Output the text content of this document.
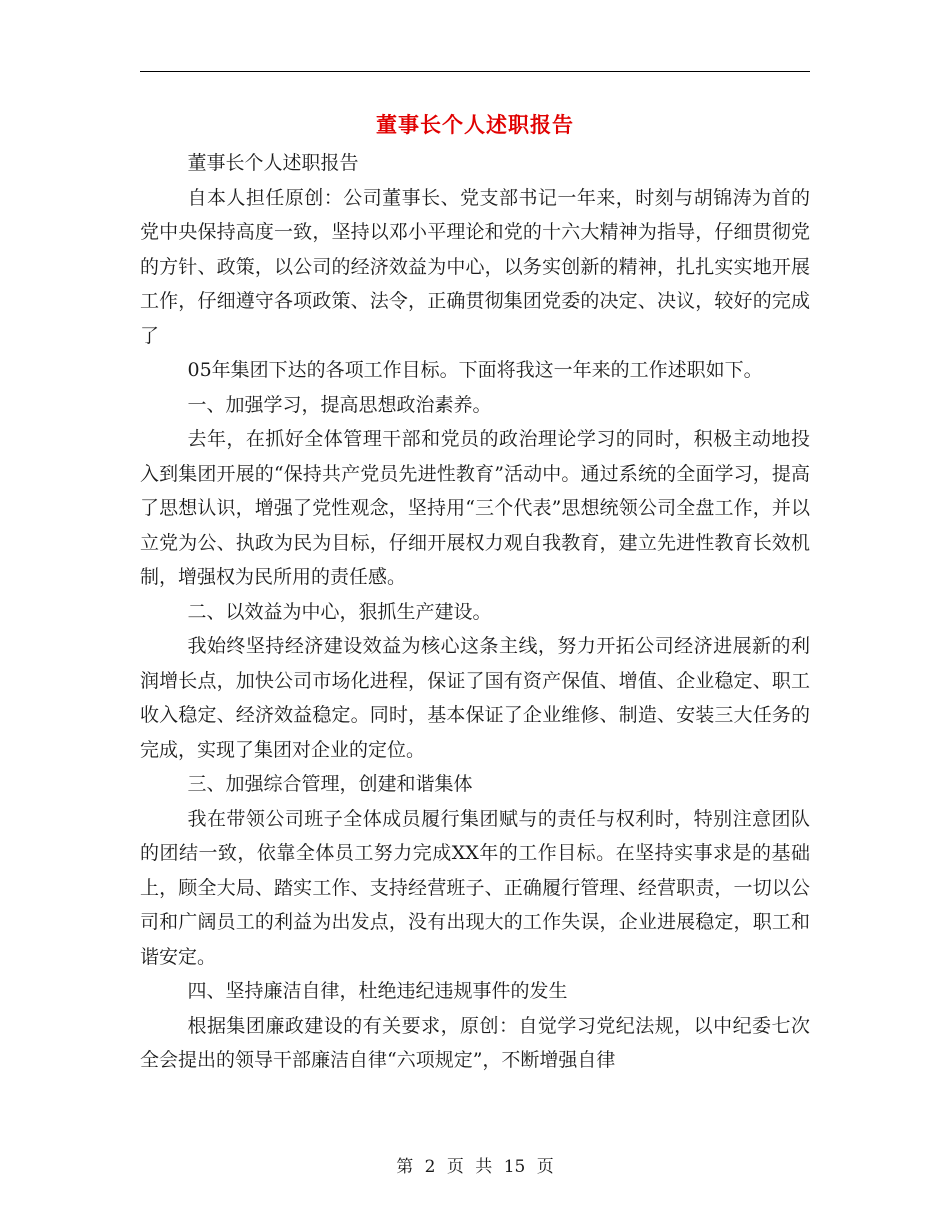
董事长个人述职报告

董事长个人述职报告

自本人担任原创：公司董事长、党支部书记一年来，时刻与胡锦涛为首的党中央保持高度一致，坚持以邓小平理论和党的十六大精神为指导，仔细贯彻党的方针、政策，以公司的经济效益为中心，以务实创新的精神，扎扎实实地开展工作，仔细遵守各项政策、法令，正确贯彻集团党委的决定、决议，较好的完成了

05年集团下达的各项工作目标。下面将我这一年来的工作述职如下。

一、加强学习，提高思想政治素养。

去年，在抓好全体管理干部和党员的政治理论学习的同时，积极主动地投入到集团开展的“保持共产党员先进性教育”活动中。通过系统的全面学习，提高了思想认识，增强了党性观念，坚持用“三个代表”思想统领公司全盘工作，并以立党为公、执政为民为目标，仔细开展权力观自我教育，建立先进性教育长效机制，增强权为民所用的责任感。

二、以效益为中心，狠抓生产建设。

我始终坚持经济建设效益为核心这条主线，努力开拓公司经济进展新的利润增长点，加快公司市场化进程，保证了国有资产保值、增值、企业稳定、职工收入稳定、经济效益稳定。同时，基本保证了企业维修、制造、安装三大任务的完成，实现了集团对企业的定位。

三、加强综合管理，创建和谐集体

我在带领公司班子全体成员履行集团赋与的责任与权利时，特别注意团队的团结一致，依靠全体员工努力完成XX年的工作目标。在坚持实事求是的基础上，顾全大局、踏实工作、支持经营班子、正确履行管理、经营职责，一切以公司和广阔员工的利益为出发点，没有出现大的工作失误，企业进展稳定，职工和谐安定。

四、坚持廉洁自律，杜绝违纪违规事件的发生

根据集团廉政建设的有关要求，原创：自觉学习党纪法规，以中纪委七次全会提出的领导干部廉洁自律“六项规定”，不断增强自律

第 2 页 共 15 页
